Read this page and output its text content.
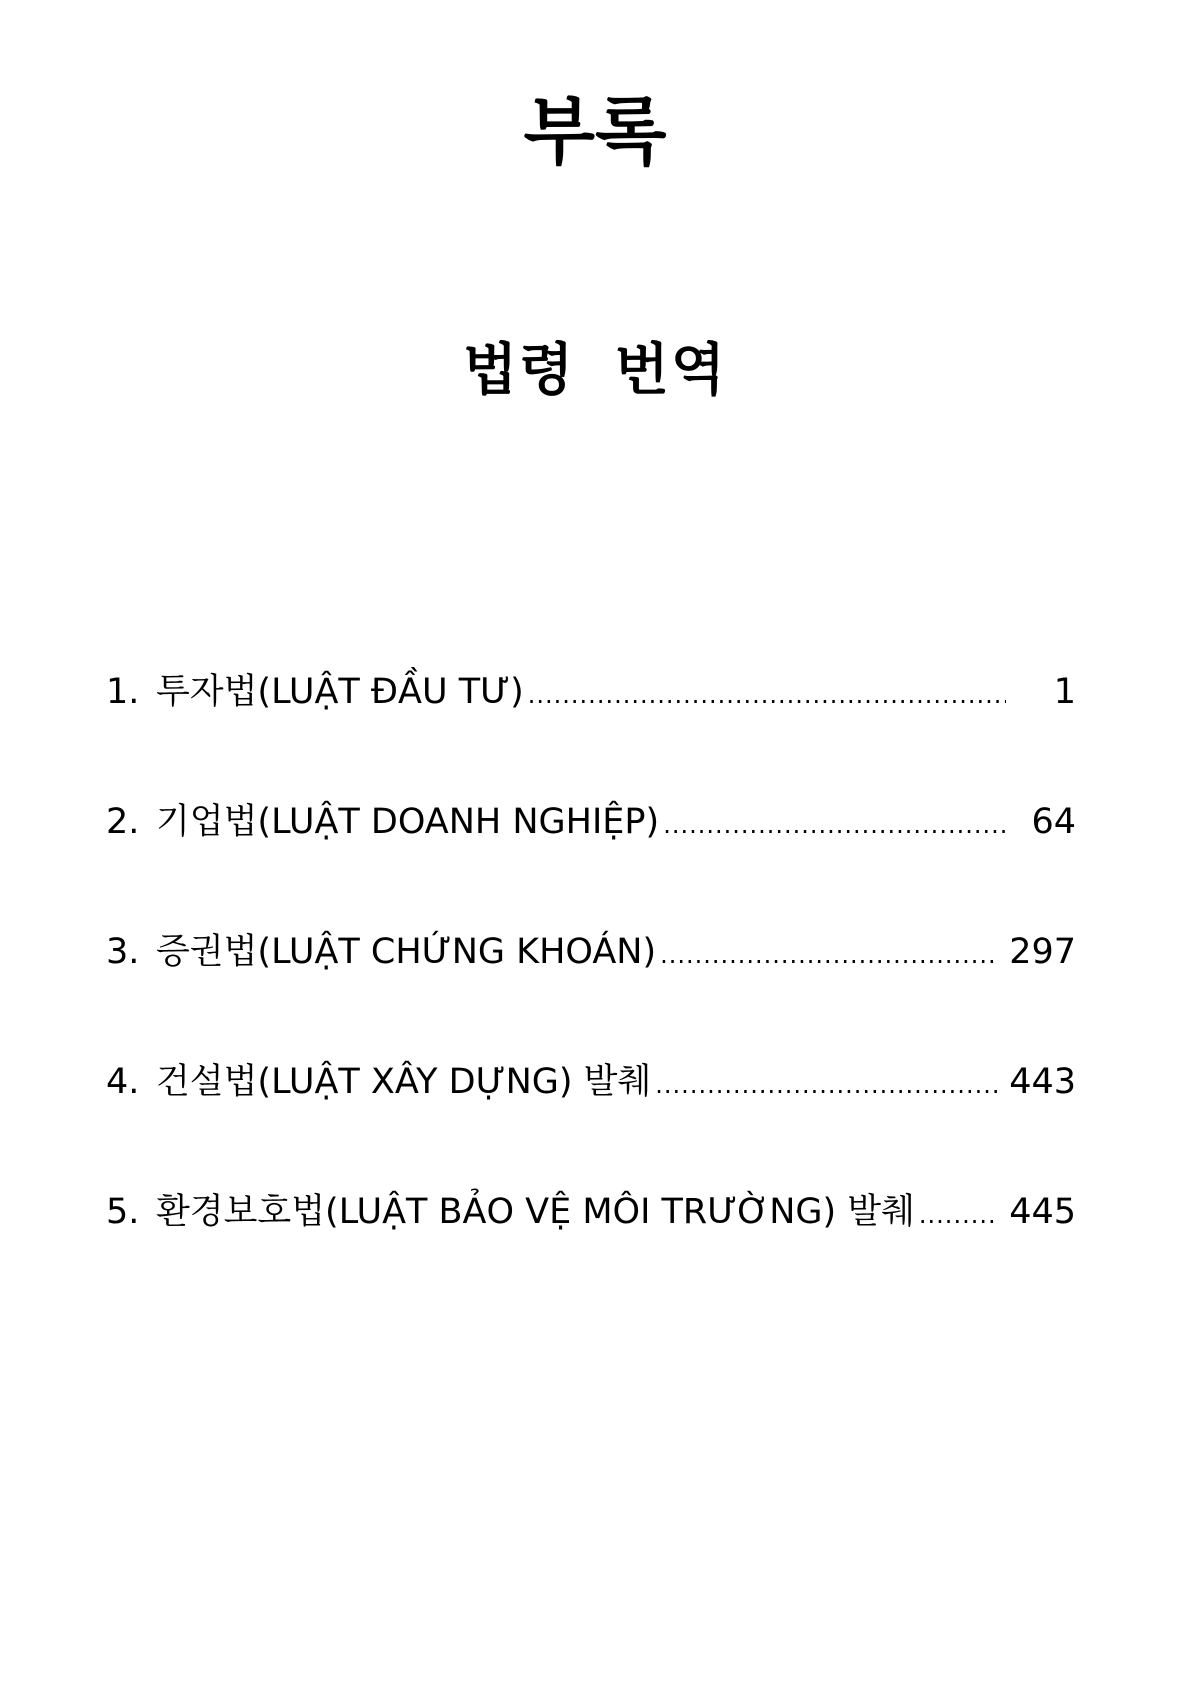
부록
법령 번역
1. 투자법(LUẬT ĐẦU TƯ) .....	1
2. 기업법(LUẬT DOANH NGHIỆP) .....	64
3. 증권법(LUẬT CHỨNG KHOÁN) .....	297
4. 건설법(LUẬT XÂY DỰNG) 발췌 .....	443
5. 환경보호법(LUẬT BẢO VỆ MÔI TRƯỜNG) 발췌 .....	445
